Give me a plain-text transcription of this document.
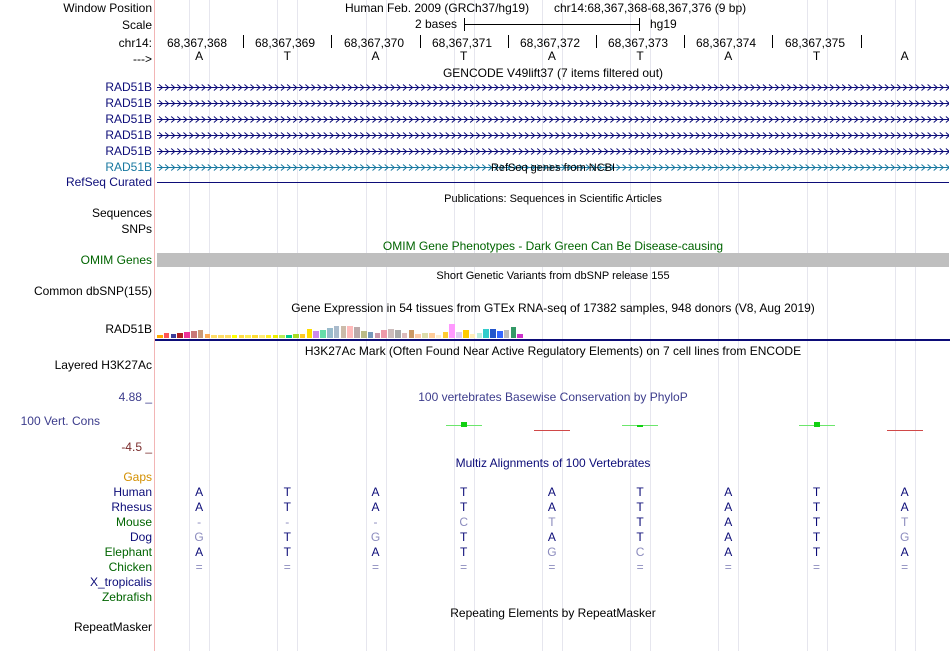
Window Position	Human Feb. 2009 (GRCh37/hg19) chr14:68,367,368-68,367,376 (9 bp)
Scale	2 bases	hg19
chr14:	68,367,368	68,367,369	68,367,370	68,367,371	68,367,372	68,367,373	68,367,374	68,367,375
--->	A	T	A	T	A	T	A	T	A
GENCODE V49lift37 (7 items filtered out)
RAD51B
RAD51B
RAD51B
RAD51B
RAD51B
RAD51B	RefSeq genes from NCBI
RefSeq Curated
Publications: Sequences in Scientific Articles
Sequences
SNPs
OMIM Gene Phenotypes - Dark Green Can Be Disease-causing
OMIM Genes
Short Genetic Variants from dbSNP release 155
Common dbSNP(155)
Gene Expression in 54 tissues from GTEx RNA-seq of 17382 samples, 948 donors (V8, Aug 2019)
RAD51B
H3K27Ac Mark (Often Found Near Active Regulatory Elements) on 7 cell lines from ENCODE
Layered H3K27Ac
4.88 _	100 vertebrates Basewise Conservation by PhyloP
100 Vert. Cons
-4.5 _
Multiz Alignments of 100 Vertebrates
Gaps
Human	A	T	A	T	A	T	A	T	A
Rhesus	A	T	A	T	A	T	A	T	A
Mouse	-	-	-	C	T	T	A	T	T
Dog	G	T	G	T	A	T	A	T	G
Elephant	A	T	A	T	G	C	A	T	A
Chicken	=	=	=	=	=	=	=	=	=
X_tropicalis
Zebrafish
Repeating Elements by RepeatMasker
RepeatMasker
